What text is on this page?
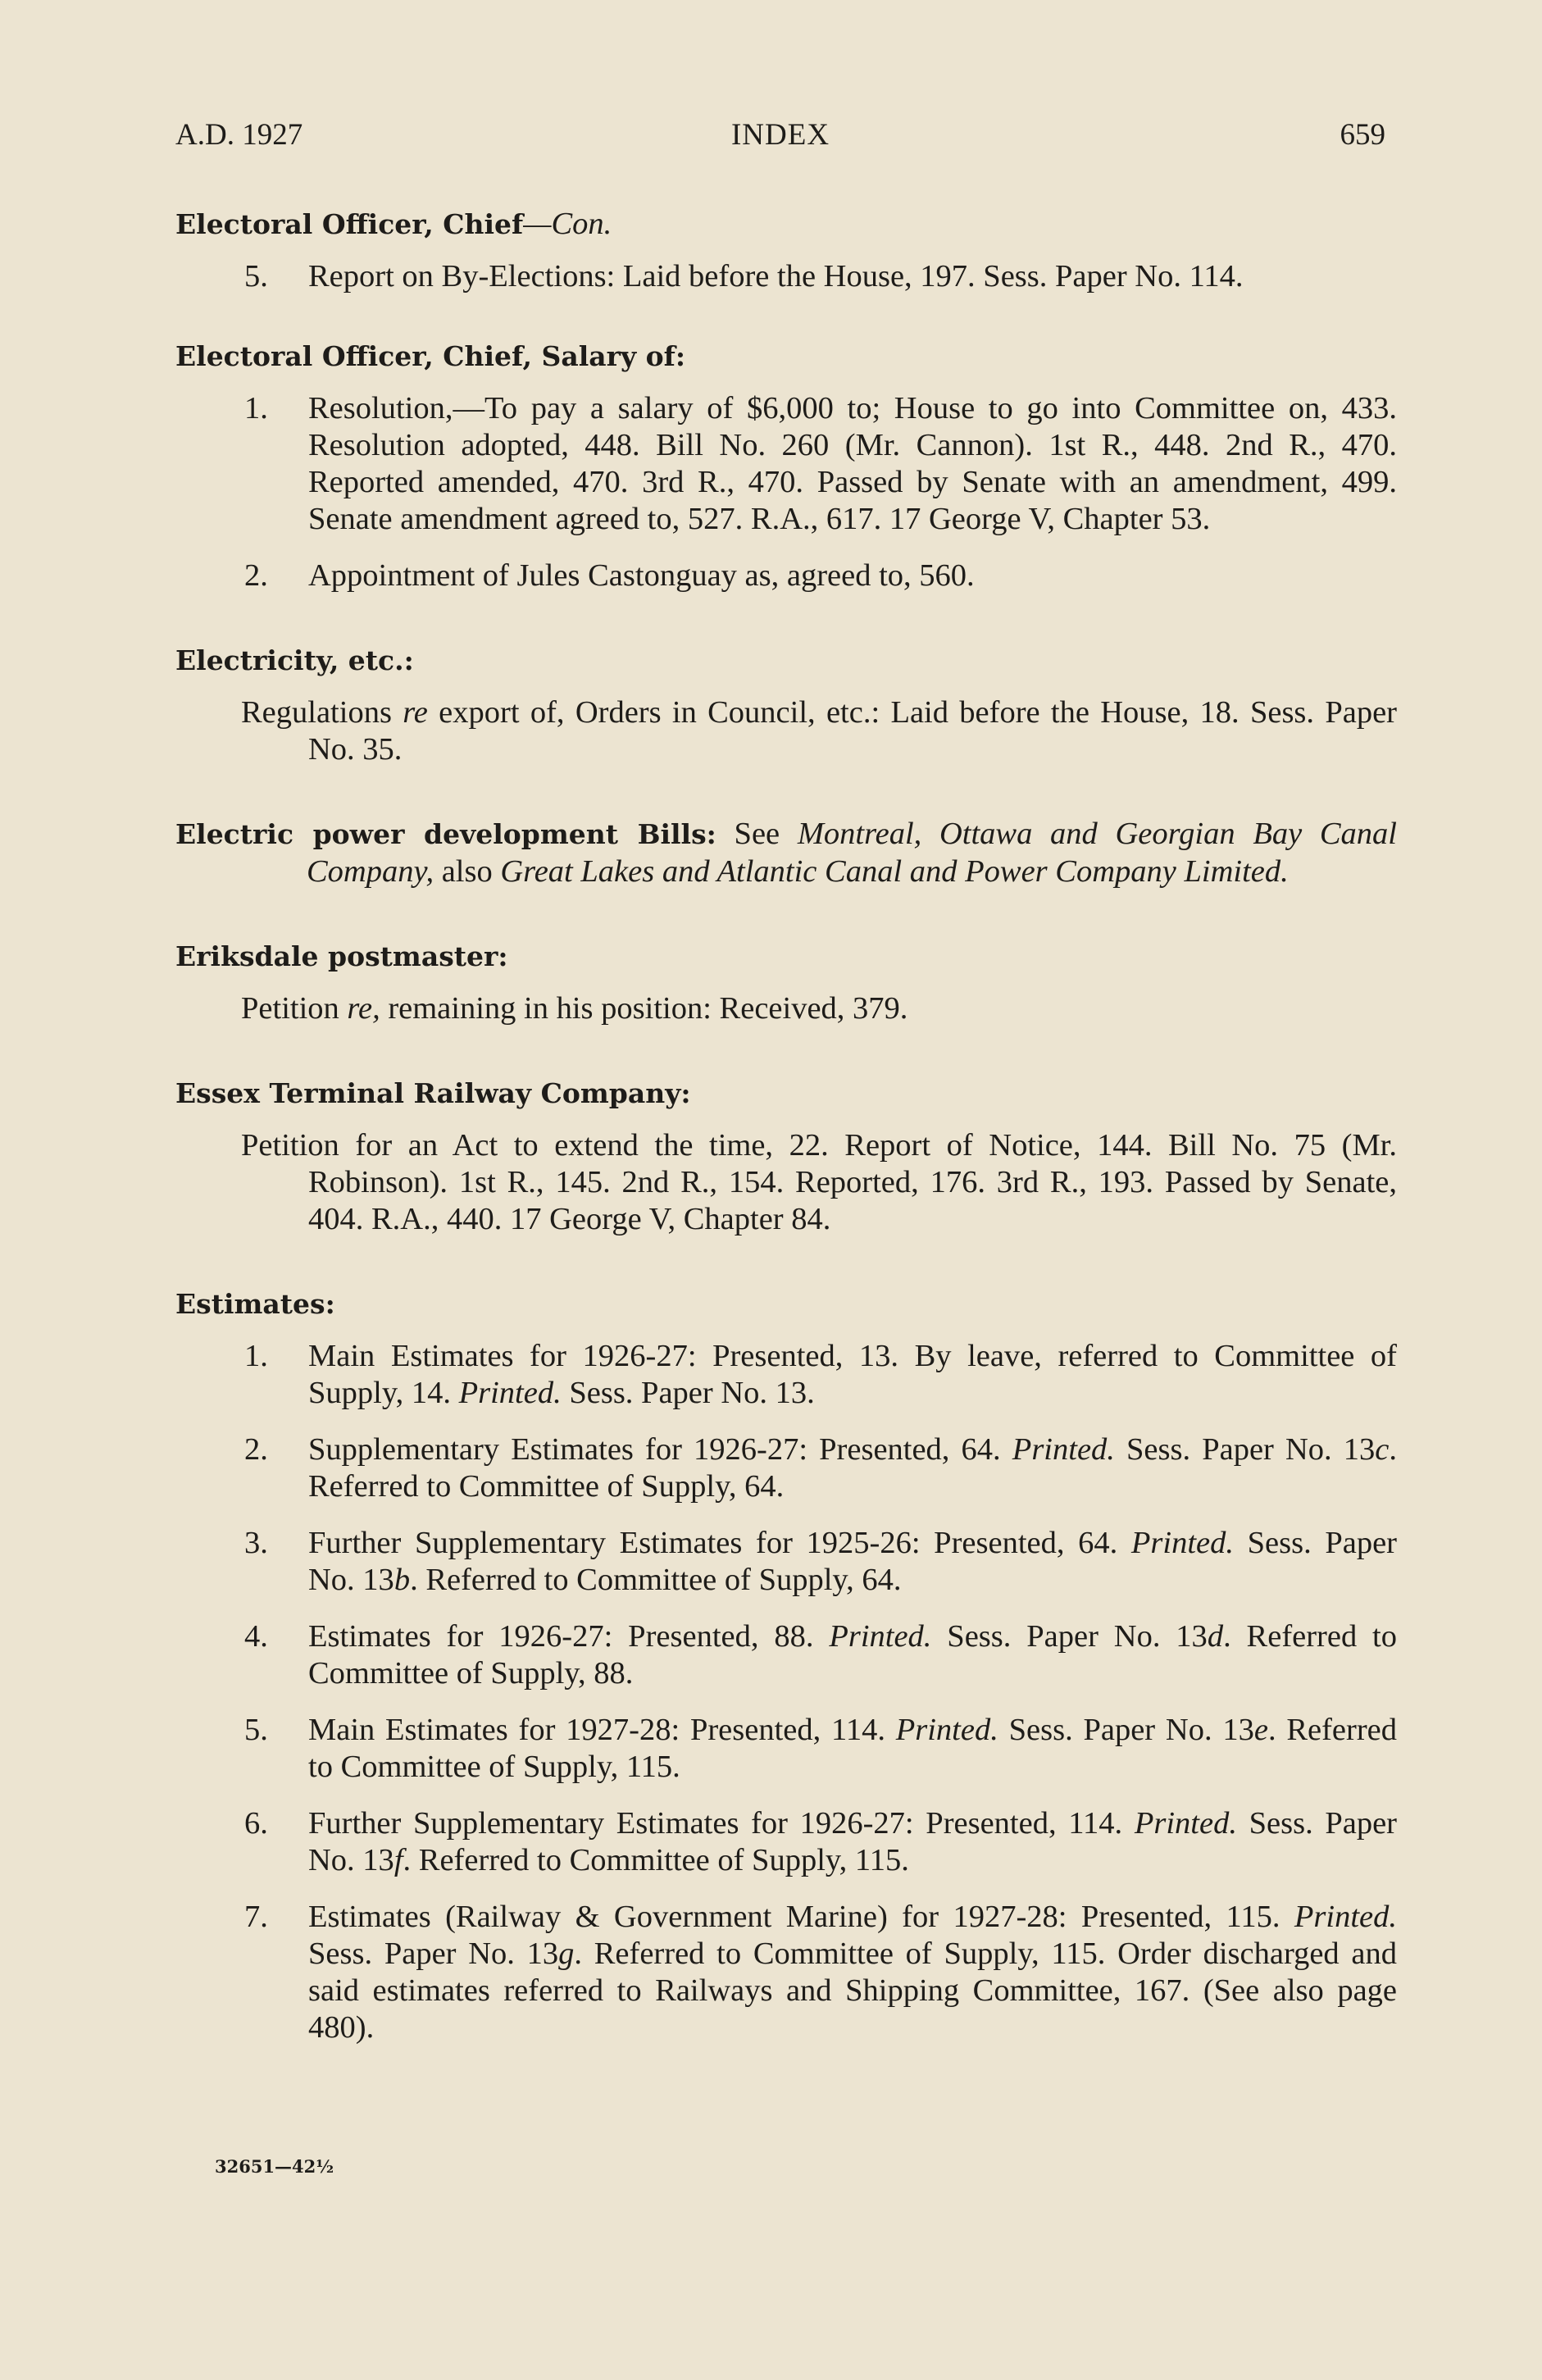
A.D. 1927	INDEX	659
Electoral Officer, Chief—Con.
5. Report on By-Elections: Laid before the House, 197. Sess. Paper No. 114.
Electoral Officer, Chief, Salary of:
1. Resolution,—To pay a salary of $6,000 to; House to go into Committee on, 433. Resolution adopted, 448. Bill No. 260 (Mr. Cannon). 1st R., 448. 2nd R., 470. Reported amended, 470. 3rd R., 470. Passed by Senate with an amendment, 499. Senate amendment agreed to, 527. R.A., 617. 17 George V, Chapter 53.
2. Appointment of Jules Castonguay as, agreed to, 560.
Electricity, etc.:
Regulations re export of, Orders in Council, etc.: Laid before the House, 18. Sess. Paper No. 35.
Electric power development Bills: See Montreal, Ottawa and Georgian Bay Canal Company, also Great Lakes and Atlantic Canal and Power Company Limited.
Eriksdale postmaster:
Petition re, remaining in his position: Received, 379.
Essex Terminal Railway Company:
Petition for an Act to extend the time, 22. Report of Notice, 144. Bill No. 75 (Mr. Robinson). 1st R., 145. 2nd R., 154. Reported, 176. 3rd R., 193. Passed by Senate, 404. R.A., 440. 17 George V, Chapter 84.
Estimates:
1. Main Estimates for 1926-27: Presented, 13. By leave, referred to Committee of Supply, 14. Printed. Sess. Paper No. 13.
2. Supplementary Estimates for 1926-27: Presented, 64. Printed. Sess. Paper No. 13c. Referred to Committee of Supply, 64.
3. Further Supplementary Estimates for 1925-26: Presented, 64. Printed. Sess. Paper No. 13b. Referred to Committee of Supply, 64.
4. Estimates for 1926-27: Presented, 88. Printed. Sess. Paper No. 13d. Referred to Committee of Supply, 88.
5. Main Estimates for 1927-28: Presented, 114. Printed. Sess. Paper No. 13e. Referred to Committee of Supply, 115.
6. Further Supplementary Estimates for 1926-27: Presented, 114. Printed. Sess. Paper No. 13f. Referred to Committee of Supply, 115.
7. Estimates (Railway & Government Marine) for 1927-28: Presented, 115. Printed. Sess. Paper No. 13g. Referred to Committee of Supply, 115. Order discharged and said estimates referred to Railways and Shipping Committee, 167. (See also page 480).
32651—42½
